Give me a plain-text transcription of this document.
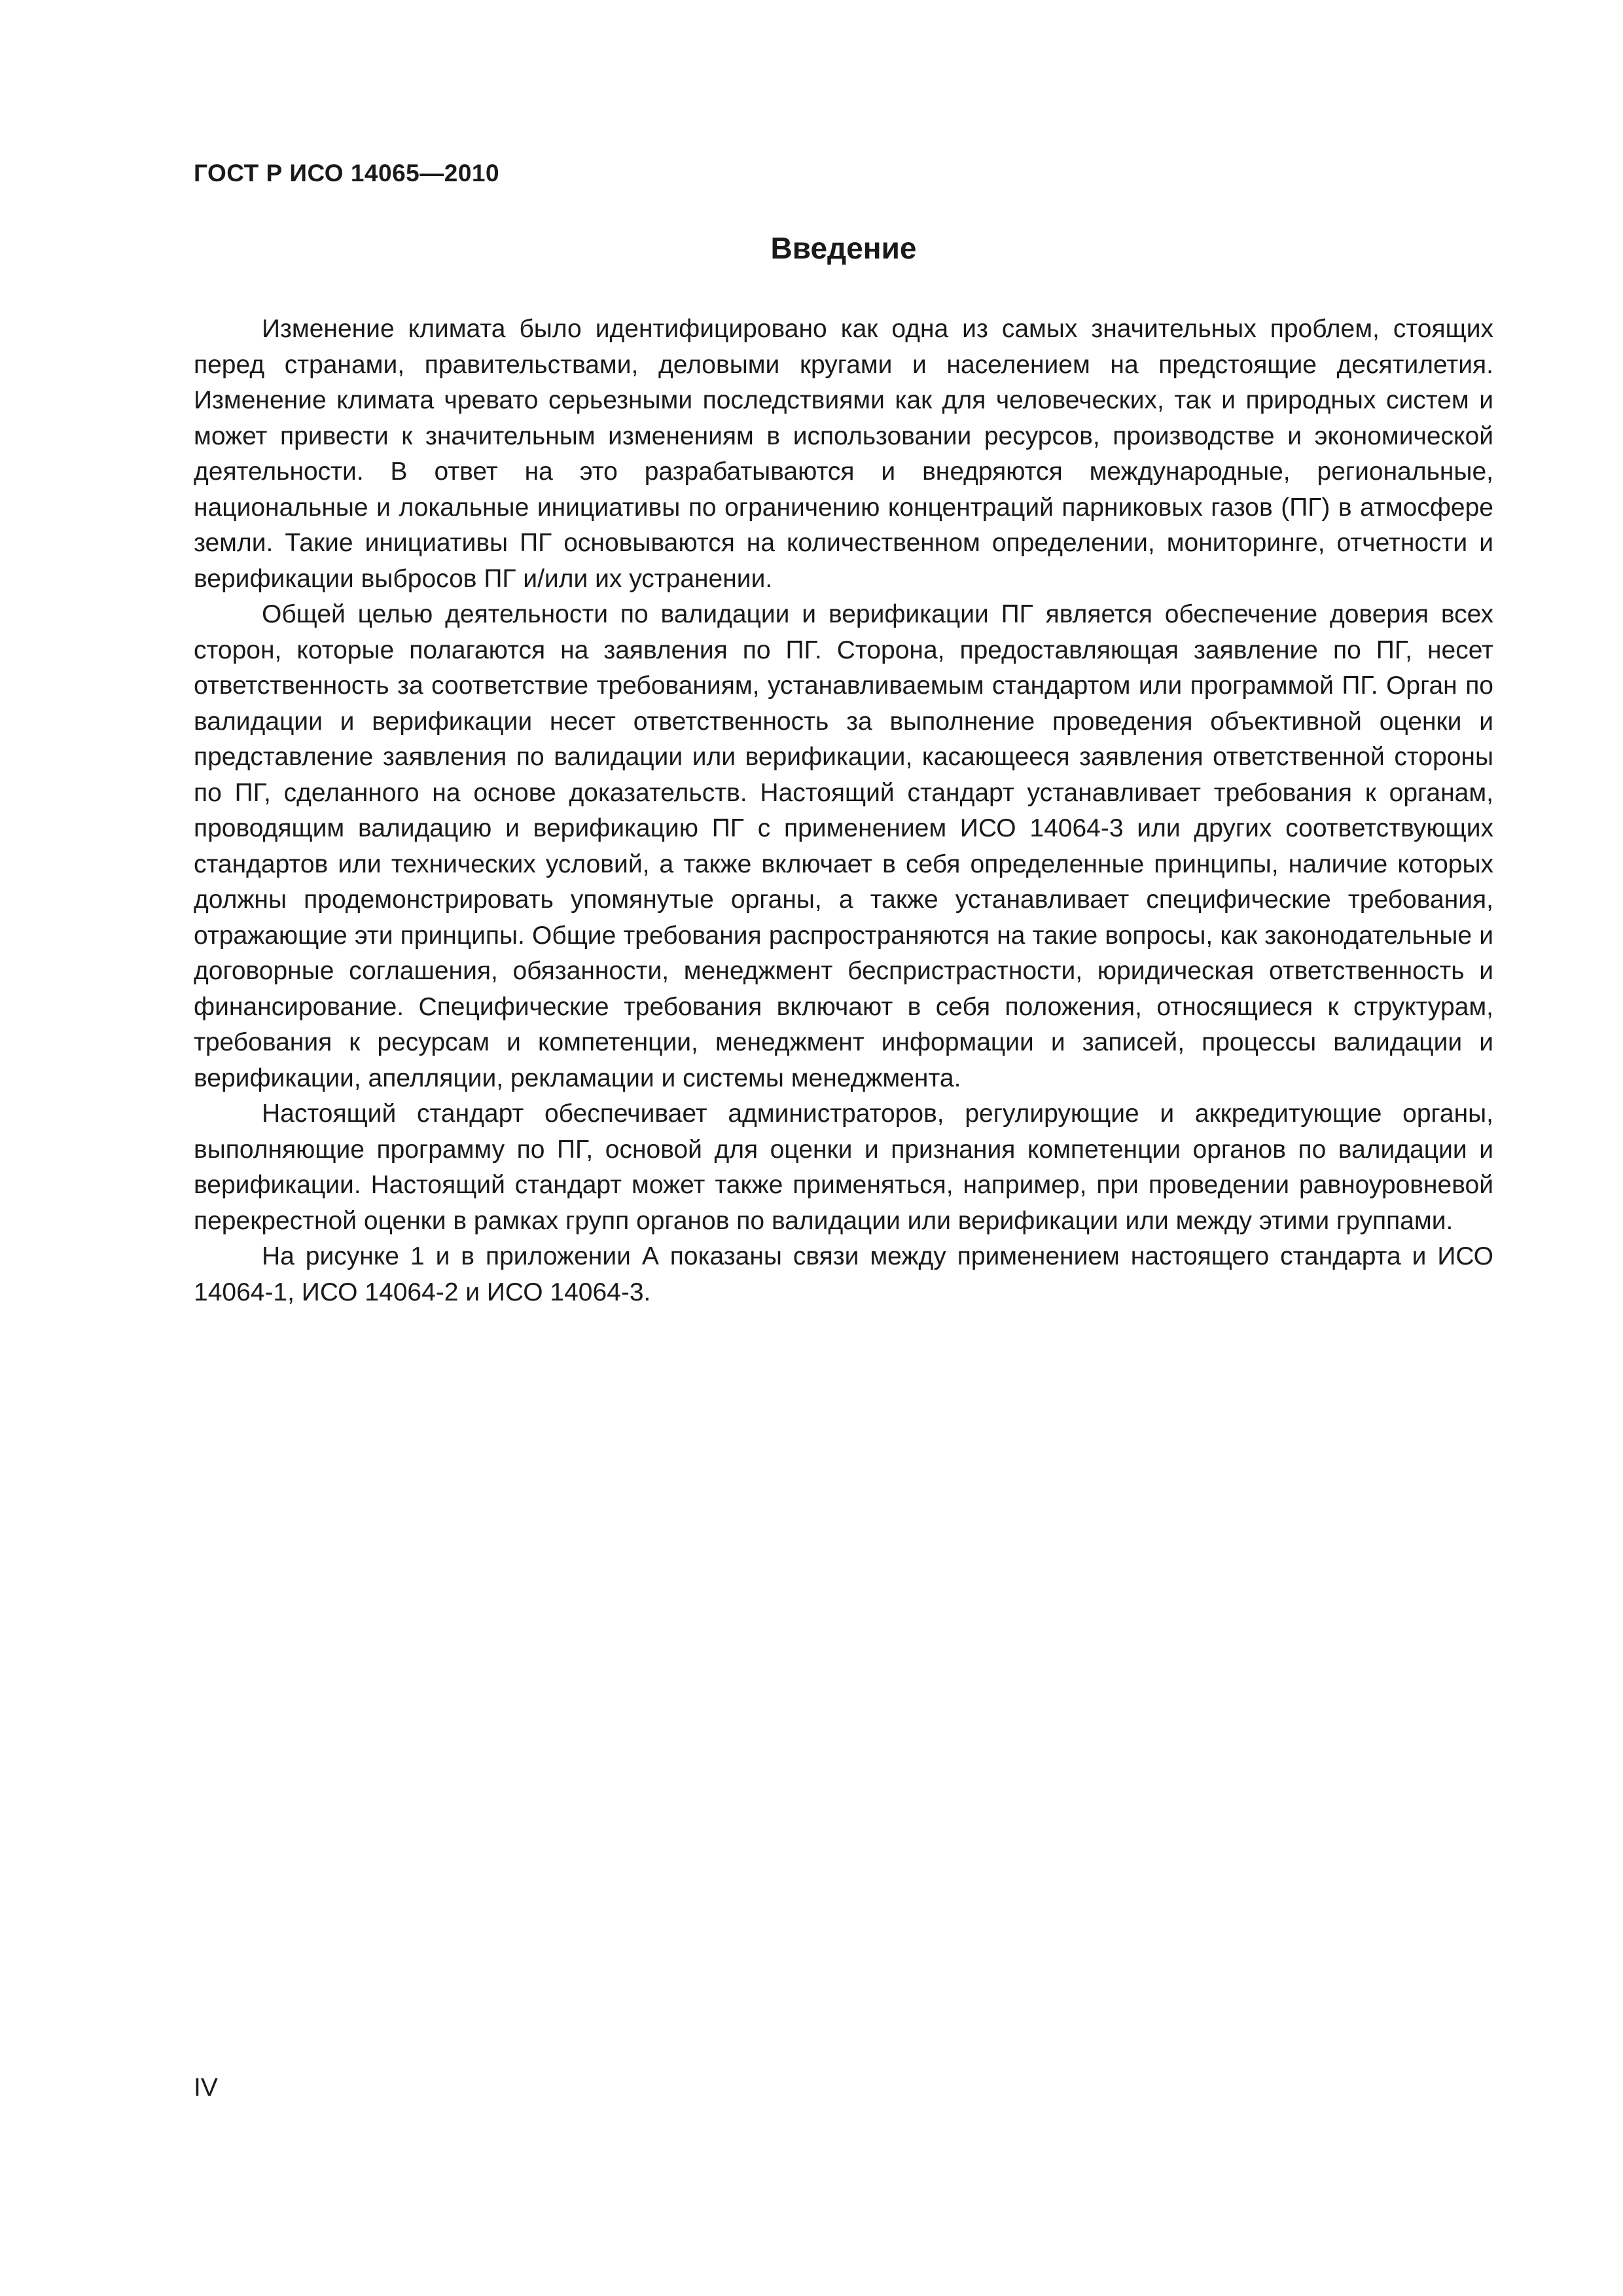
ГОСТ Р ИСО 14065—2010
Введение

Изменение климата было идентифицировано как одна из самых значительных проблем, стоящих перед странами, правительствами, деловыми кругами и населением на предстоящие десятилетия. Изменение климата чревато серьезными последствиями как для человеческих, так и природных систем и может привести к значительным изменениям в использовании ресурсов, производстве и экономической деятельности. В ответ на это разрабатываются и внедряются международные, региональные, национальные и локальные инициативы по ограничению концентраций парниковых газов (ПГ) в атмосфере земли. Такие инициативы ПГ основываются на количественном определении, мониторинге, отчетности и верификации выбросов ПГ и/или их устранении.

Общей целью деятельности по валидации и верификации ПГ является обеспечение доверия всех сторон, которые полагаются на заявления по ПГ. Сторона, предоставляющая заявление по ПГ, несет ответственность за соответствие требованиям, устанавливаемым стандартом или программой ПГ. Орган по валидации и верификации несет ответственность за выполнение проведения объективной оценки и представление заявления по валидации или верификации, касающееся заявления ответственной стороны по ПГ, сделанного на основе доказательств. Настоящий стандарт устанавливает требования к органам, проводящим валидацию и верификацию ПГ с применением ИСО 14064-3 или других соответствующих стандартов или технических условий, а также включает в себя определенные принципы, наличие которых должны продемонстрировать упомянутые органы, а также устанавливает специфические требования, отражающие эти принципы. Общие требования распространяются на такие вопросы, как законодательные и договорные соглашения, обязанности, менеджмент беспристрастности, юридическая ответственность и финансирование. Специфические требования включают в себя положения, относящиеся к структурам, требования к ресурсам и компетенции, менеджмент информации и записей, процессы валидации и верификации, апелляции, рекламации и системы менеджмента.

Настоящий стандарт обеспечивает администраторов, регулирующие и аккредитующие органы, выполняющие программу по ПГ, основой для оценки и признания компетенции органов по валидации и верификации. Настоящий стандарт может также применяться, например, при проведении равноуровневой перекрестной оценки в рамках групп органов по валидации или верификации или между этими группами.

На рисунке 1 и в приложении А показаны связи между применением настоящего стандарта и ИСО 14064-1, ИСО 14064-2 и ИСО 14064-3.

IV
